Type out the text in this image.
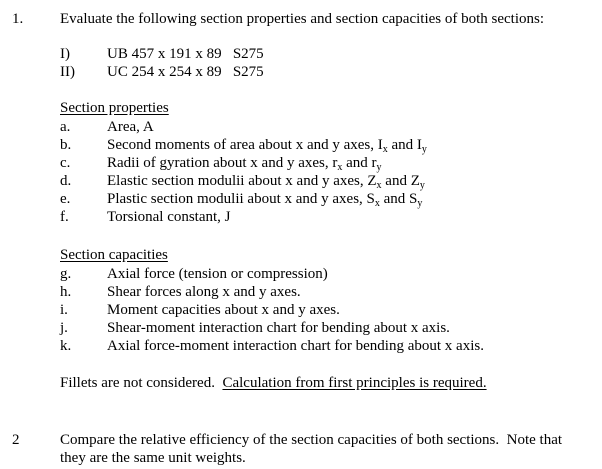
1. Evaluate the following section properties and section capacities of both sections:
I) UB 457 x 191 x 89   S275
II) UC 254 x 254 x 89   S275
Section properties
a. Area, A
b. Second moments of area about x and y axes, $I_x$ and $I_y$
c. Radii of gyration about x and y axes, $r_x$ and $r_y$
d. Elastic section modulii about x and y axes, $Z_x$ and $Z_y$
e. Plastic section modulii about x and y axes, $S_x$ and $S_y$
f.	Torsional constant, J
Section capacities
g. Axial force (tension or compression)
h. Shear forces along x and y axes.
i.	Moment capacities about x and y axes.
j.	Shear-moment interaction chart for bending about x axis.
k. Axial force-moment interaction chart for bending about x axis.
Fillets are not considered. Calculation from first principles is required.
2	Compare the relative efficiency of the section capacities of both sections.  Note that
they are the same unit weights.
